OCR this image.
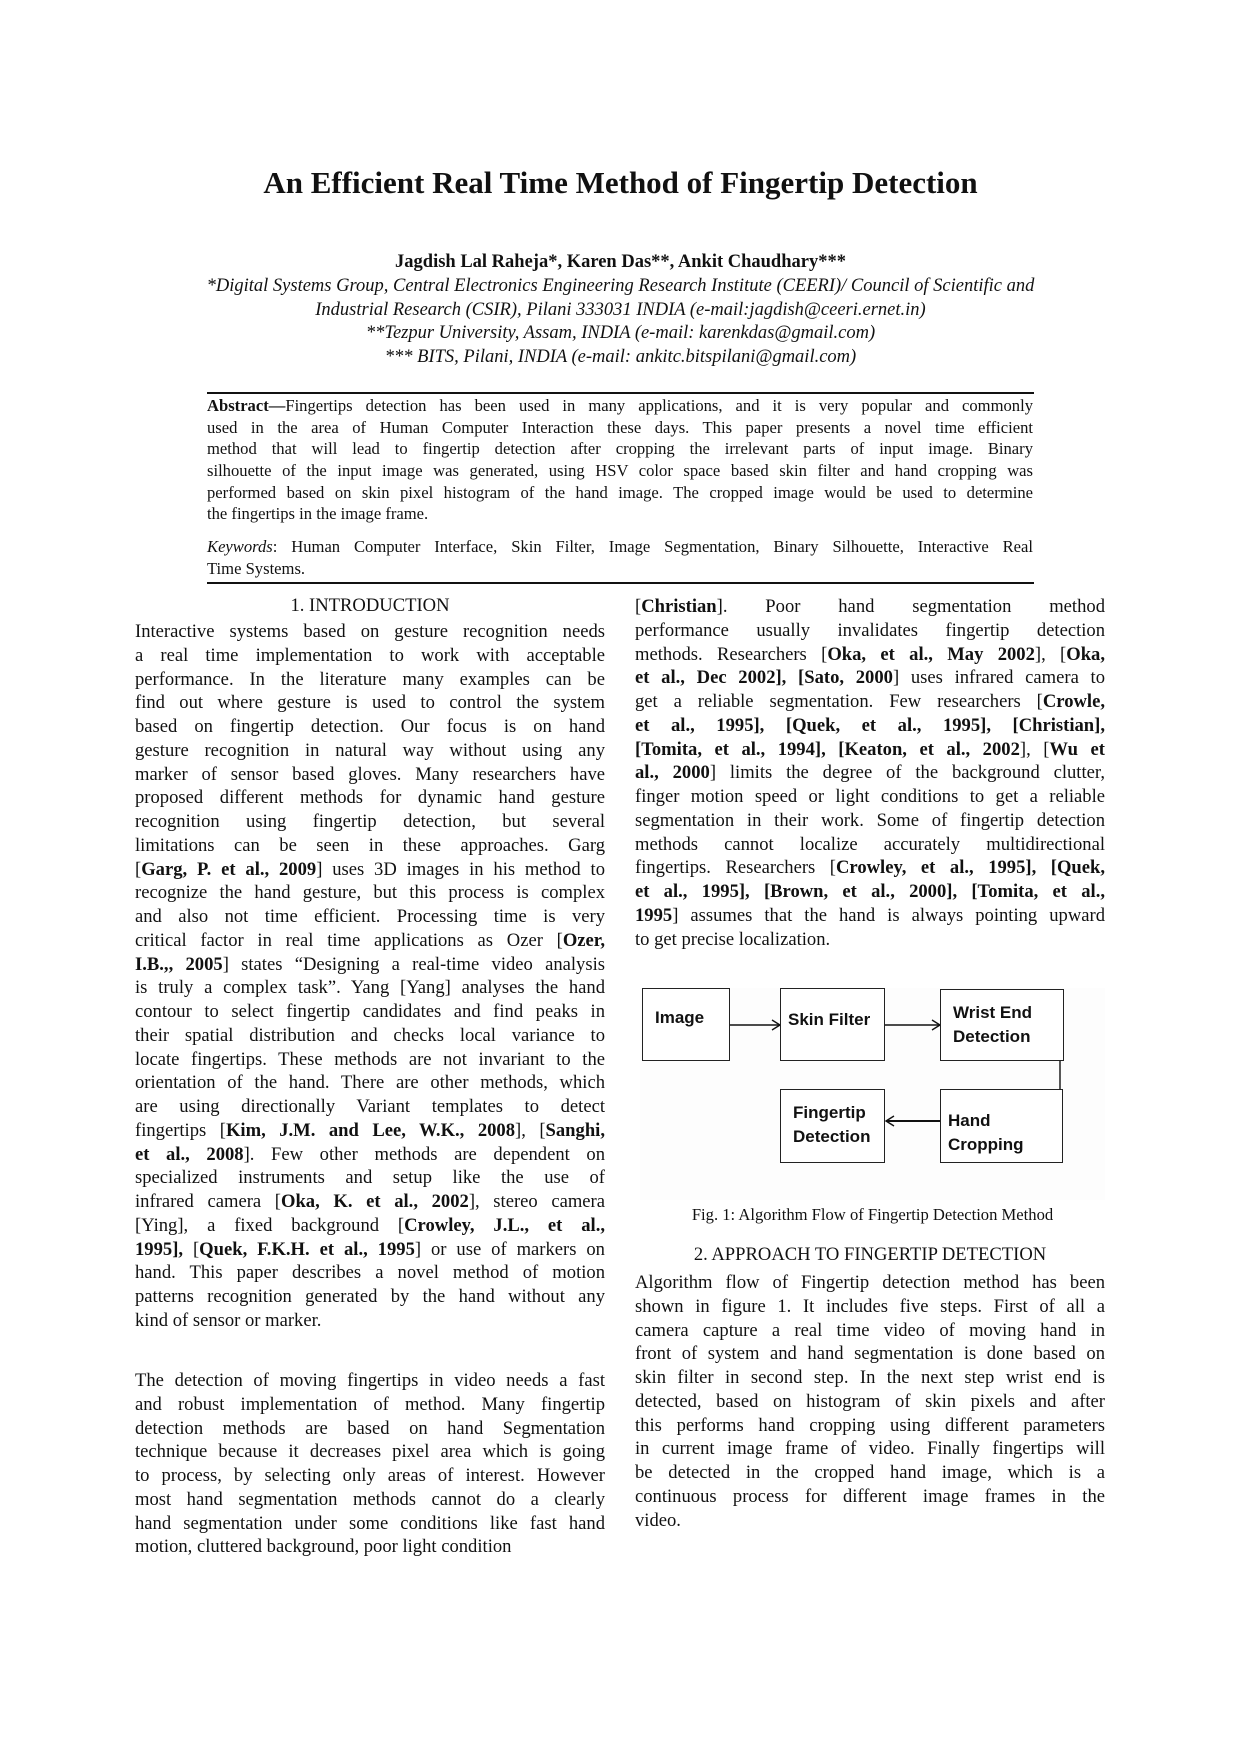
An Efficient Real Time Method of Fingertip Detection
Jagdish Lal Raheja*, Karen Das**, Ankit Chaudhary***
*Digital Systems Group, Central Electronics Engineering Research Institute (CEERI)/ Council of Scientific and
Industrial Research (CSIR), Pilani 333031 INDIA (e-mail:jagdish@ceeri.ernet.in)
**Tezpur University, Assam, INDIA (e-mail: karenkdas@gmail.com)
*** BITS, Pilani, INDIA (e-mail: ankitc.bitspilani@gmail.com)
Abstract—Fingertips detection has been used in many applications, and it is very popular and commonly
used in the area of Human Computer Interaction these days. This paper presents a novel time efficient
method that will lead to fingertip detection after cropping the irrelevant parts of input image. Binary
silhouette of the input image was generated, using HSV color space based skin filter and hand cropping was
performed based on skin pixel histogram of the hand image. The cropped image would be used to determine
the fingertips in the image frame.
Keywords: Human Computer Interface, Skin Filter, Image Segmentation, Binary Silhouette, Interactive Real
Time Systems.
1. INTRODUCTION
Interactive systems based on gesture recognition needs
a real time implementation to work with acceptable
performance. In the literature many examples can be
find out where gesture is used to control the system
based on fingertip detection. Our focus is on hand
gesture recognition in natural way without using any
marker of sensor based gloves. Many researchers have
proposed different methods for dynamic hand gesture
recognition using fingertip detection, but several
limitations can be seen in these approaches. Garg
[Garg, P. et al., 2009] uses 3D images in his method to
recognize the hand gesture, but this process is complex
and also not time efficient. Processing time is very
critical factor in real time applications as Ozer [Ozer,
I.B.,, 2005] states “Designing a real-time video analysis
is truly a complex task”. Yang [Yang] analyses the hand
contour to select fingertip candidates and find peaks in
their spatial distribution and checks local variance to
locate fingertips. These methods are not invariant to the
orientation of the hand. There are other methods, which
are using directionally Variant templates to detect
fingertips [Kim, J.M. and Lee, W.K., 2008], [Sanghi,
et al., 2008]. Few other methods are dependent on
specialized instruments and setup like the use of
infrared camera [Oka, K. et al., 2002], stereo camera
[Ying], a fixed background [Crowley, J.L., et al.,
1995], [Quek, F.K.H. et al., 1995] or use of markers on
hand. This paper describes a novel method of motion
patterns recognition generated by the hand without any
kind of sensor or marker.
The detection of moving fingertips in video needs a fast
and robust implementation of method. Many fingertip
detection methods are based on hand Segmentation
technique because it decreases pixel area which is going
to process, by selecting only areas of interest. However
most hand segmentation methods cannot do a clearly
hand segmentation under some conditions like fast hand
motion, cluttered background, poor light condition
[Christian]. Poor hand segmentation method
performance usually invalidates fingertip detection
methods. Researchers [Oka, et al., May 2002], [Oka,
et al., Dec 2002], [Sato, 2000] uses infrared camera to
get a reliable segmentation. Few researchers [Crowle,
et al., 1995], [Quek, et al., 1995], [Christian],
[Tomita, et al., 1994], [Keaton, et al., 2002], [Wu et
al., 2000] limits the degree of the background clutter,
finger motion speed or light conditions to get a reliable
segmentation in their work. Some of fingertip detection
methods cannot localize accurately multidirectional
fingertips. Researchers [Crowley, et al., 1995], [Quek,
et al., 1995], [Brown, et al., 2000], [Tomita, et al.,
1995] assumes that the hand is always pointing upward
to get precise localization.
Image	Skin Filter	Wrist End
Detection
Fingertip
Detection
Hand
Cropping
Fig. 1: Algorithm Flow of Fingertip Detection Method
2. APPROACH TO FINGERTIP DETECTION
Algorithm flow of Fingertip detection method has been
shown in figure 1. It includes five steps. First of all a
camera capture a real time video of moving hand in
front of system and hand segmentation is done based on
skin filter in second step. In the next step wrist end is
detected, based on histogram of skin pixels and after
this performs hand cropping using different parameters
in current image frame of video. Finally fingertips will
be detected in the cropped hand image, which is a
continuous process for different image frames in the
video.
